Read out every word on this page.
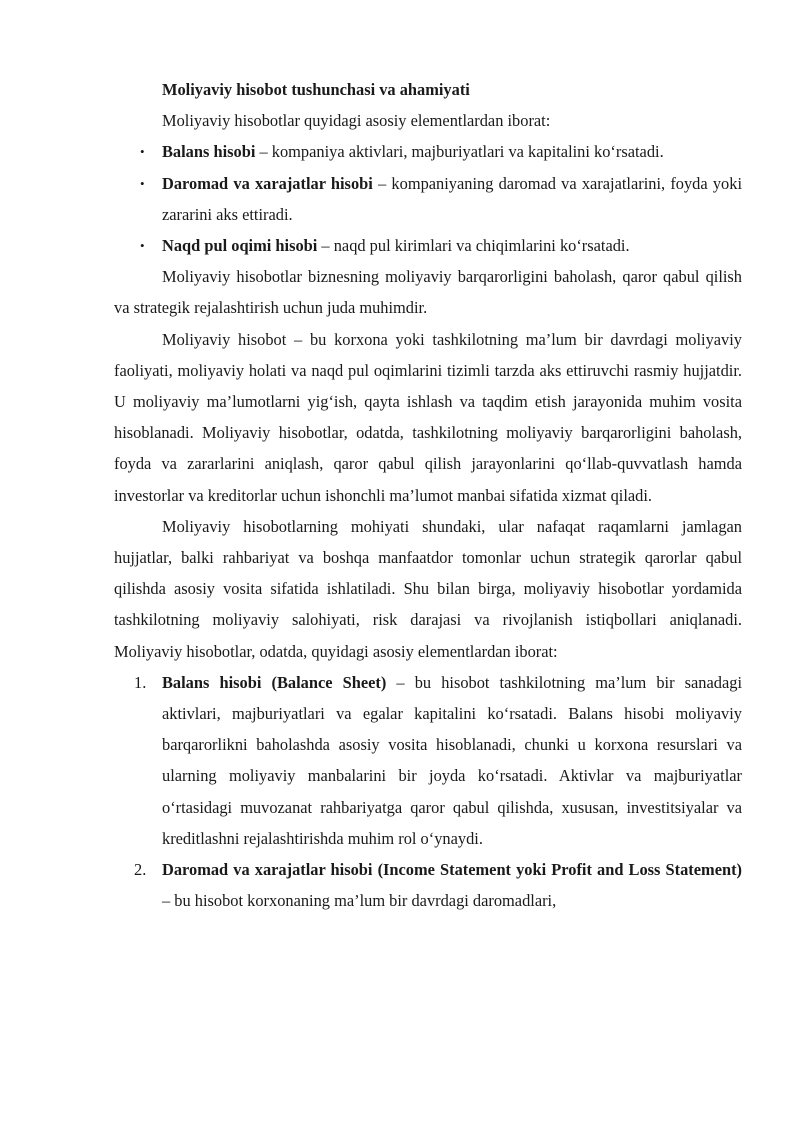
Moliyaviy hisobot tushunchasi va ahamiyati

Moliyaviy hisobotlar quyidagi asosiy elementlardan iborat:

• Balans hisobi – kompaniya aktivlari, majburiyatlari va kapitalini ko‘rsatadi.
• Daromad va xarajatlar hisobi – kompaniyaning daromad va xarajatlarini, foyda yoki zararini aks ettiradi.
• Naqd pul oqimi hisobi – naqd pul kirimlari va chiqimlarini ko‘rsatadi.

Moliyaviy hisobotlar biznesning moliyaviy barqarorligini baholash, qaror qabul qilish va strategik rejalashtirish uchun juda muhimdir.

Moliyaviy hisobot – bu korxona yoki tashkilotning ma’lum bir davrdagi moliyaviy faoliyati, moliyaviy holati va naqd pul oqimlarini tizimli tarzda aks ettiruvchi rasmiy hujjatdir. U moliyaviy ma’lumotlarni yig‘ish, qayta ishlash va taqdim etish jarayonida muhim vosita hisoblanadi. Moliyaviy hisobotlar, odatda, tashkilotning moliyaviy barqarorligini baholash, foyda va zararlarini aniqlash, qaror qabul qilish jarayonlarini qo‘llab-quvvatlash hamda investorlar va kreditorlar uchun ishonchli ma’lumot manbai sifatida xizmat qiladi.

Moliyaviy hisobotlarning mohiyati shundaki, ular nafaqat raqamlarni jamlagan hujjatlar, balki rahbariyat va boshqa manfaatdor tomonlar uchun strategik qarorlar qabul qilishda asosiy vosita sifatida ishlatiladi. Shu bilan birga, moliyaviy hisobotlar yordamida tashkilotning moliyaviy salohiyati, risk darajasi va rivojlanish istiqbollari aniqlanadi. Moliyaviy hisobotlar, odatda, quyidagi asosiy elementlardan iborat:

1. Balans hisobi (Balance Sheet) – bu hisobot tashkilotning ma’lum bir sanadagi aktivlari, majburiyatlari va egalar kapitalini ko‘rsatadi. Balans hisobi moliyaviy barqarorlikni baholashda asosiy vosita hisoblanadi, chunki u korxona resurslari va ularning moliyaviy manbalarini bir joyda ko‘rsatadi. Aktivlar va majburiyatlar o‘rtasidagi muvozanat rahbariyatga qaror qabul qilishda, xususan, investitsiyalar va kreditlashni rejalashtirishda muhim rol o‘ynaydi.
2. Daromad va xarajatlar hisobi (Income Statement yoki Profit and Loss Statement) – bu hisobot korxonaning ma’lum bir davrdagi daromadlari,
